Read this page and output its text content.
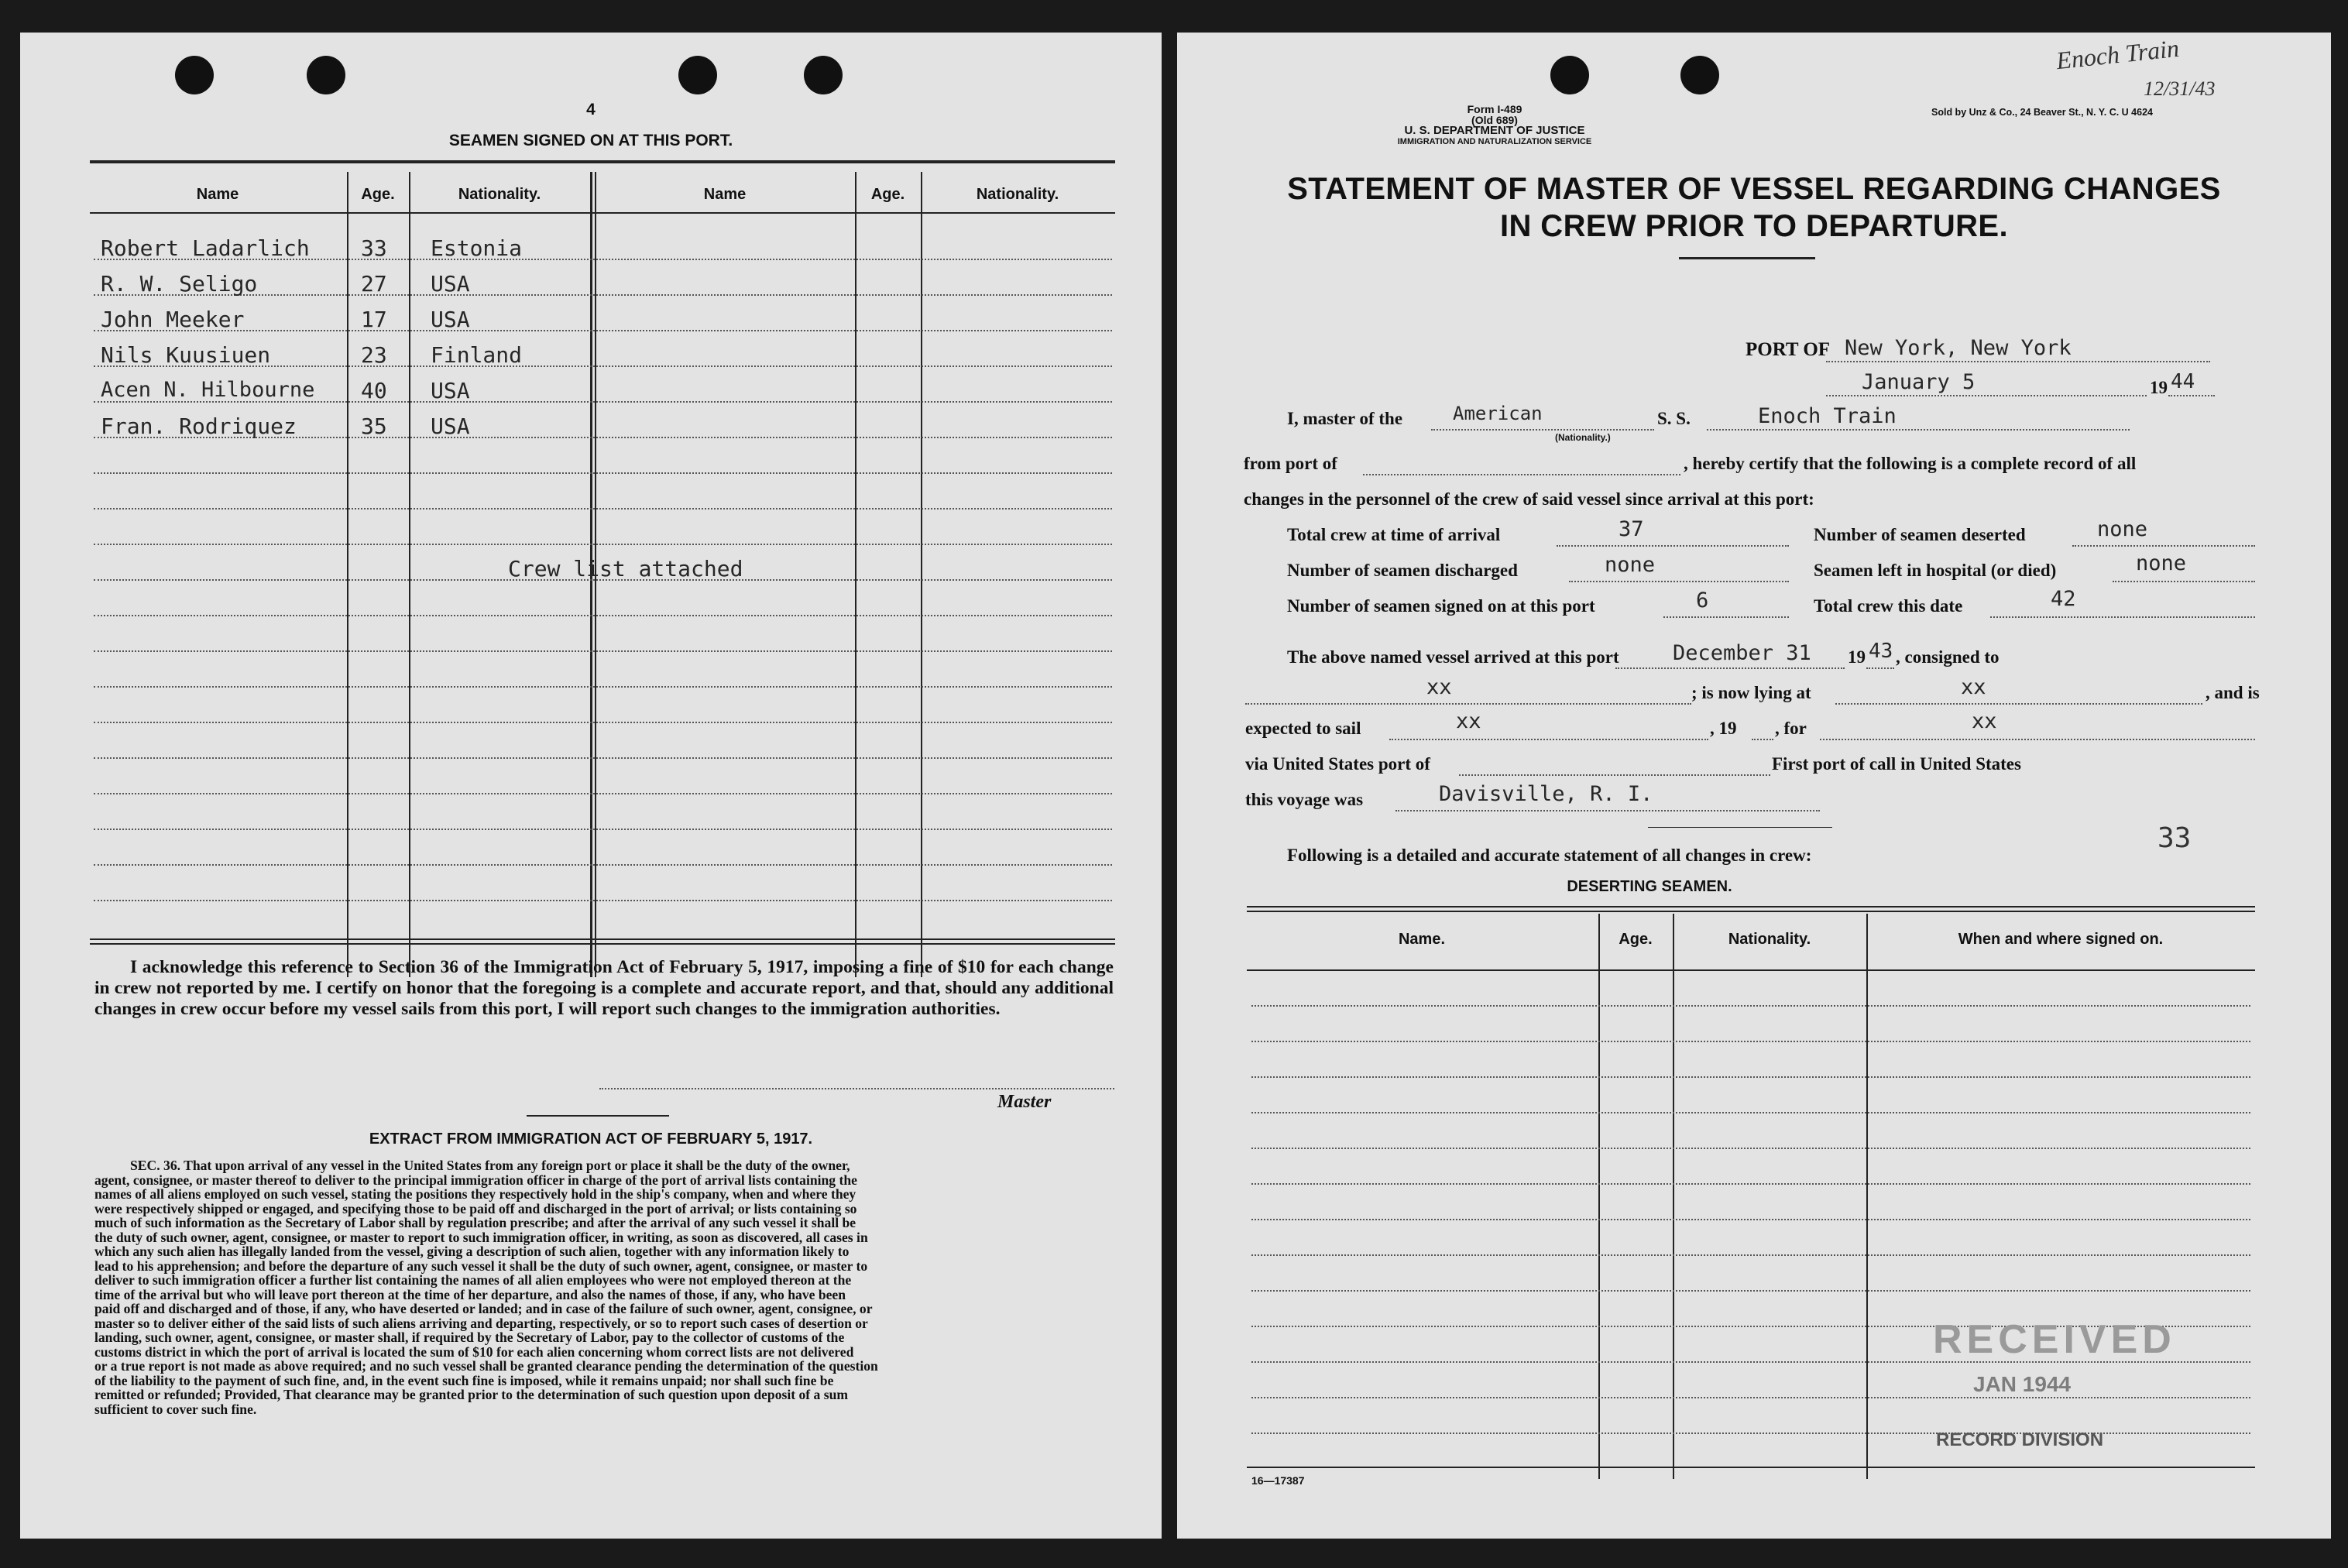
4
SEAMEN SIGNED ON AT THIS PORT.
Name	Age.	Nationality.	Name	Age.	Nationality.
Robert Ladarlich 33 Estonia
R. W. Seligo	27 USA
John Meeker	17 USA
Nils Kuusiuen	23 Finland
Acen N. Hilbourne 40 USA
Fran. Rodriquez	35 USA
Crew list attached
I acknowledge this reference to Section 36 of the Immigration Act of February 5, 1917, imposing a fine of $10 for each change in crew not reported by me. I certify on honor that the foregoing is a complete and accurate report, and that, should any additional changes in crew occur before my vessel sails from this port, I will report such changes to the immigration authorities.
Master
EXTRACT FROM IMMIGRATION ACT OF FEBRUARY 5, 1917.
SEC. 36. That upon arrival of any vessel in the United States from any foreign port or place it shall be the duty of the owner,
agent, consignee, or master thereof to deliver to the principal immigration officer in charge of the port of arrival lists containing the
names of all aliens employed on such vessel, stating the positions they respectively hold in the ship's company, when and where they
were respectively shipped or engaged, and specifying those to be paid off and discharged in the port of arrival; or lists containing so
much of such information as the Secretary of Labor shall by regulation prescribe; and after the arrival of any such vessel it shall be
the duty of such owner, agent, consignee, or master to report to such immigration officer, in writing, as soon as discovered, all cases in
which any such alien has illegally landed from the vessel, giving a description of such alien, together with any information likely to
lead to his apprehension; and before the departure of any such vessel it shall be the duty of such owner, agent, consignee, or master to
deliver to such immigration officer a further list containing the names of all alien employees who were not employed thereon at the
time of the arrival but who will leave port thereon at the time of her departure, and also the names of those, if any, who have been
paid off and discharged and of those, if any, who have deserted or landed; and in case of the failure of such owner, agent, consignee, or
master so to deliver either of the said lists of such aliens arriving and departing, respectively, or so to report such cases of desertion or
landing, such owner, agent, consignee, or master shall, if required by the Secretary of Labor, pay to the collector of customs of the
customs district in which the port of arrival is located the sum of $10 for each alien concerning whom correct lists are not delivered
or a true report is not made as above required; and no such vessel shall be granted clearance pending the determination of the question
of the liability to the payment of such fine, and, in the event such fine is imposed, while it remains unpaid; nor shall such fine be
remitted or refunded; Provided, That clearance may be granted prior to the determination of such question upon deposit of a sum
sufficient to cover such fine.
Form I-489
(Old 689)
U. S. DEPARTMENT OF JUSTICE
IMMIGRATION AND NATURALIZATION SERVICE
Sold by Unz & Co., 24 Beaver St., N. Y. C. U 4624
Enoch Train
12/31/43
STATEMENT OF MASTER OF VESSEL REGARDING CHANGES
IN CREW PRIOR TO DEPARTURE.
PORT OF New York, New York
January 5	19 44
I, master of the	American
(Nationality.)
S. S.	Enoch Train
from port of	, hereby certify that the following is a complete record of all
changes in the personnel of the crew of said vessel since arrival at this port:
Total crew at time of arrival	37	Number of seamen deserted	none
Number of seamen discharged	none	Seamen left in hospital (or died)	none
Number of seamen signed on at this port	6	Total crew this date	42
The above named vessel arrived at this port	December 31 19 43 , consigned to
xx	; is now lying at	xx	, and is
expected to sail	xx	, 19 , for	xx
via United States port of	First port of call in United States
this voyage was	Davisville, R. I.
33
Following is a detailed and accurate statement of all changes in crew:
DESERTING SEAMEN.
Name.	Age.	Nationality.	When and where signed on.
RECEIVED
JAN 1944
RECORD DIVISION
16—17387
